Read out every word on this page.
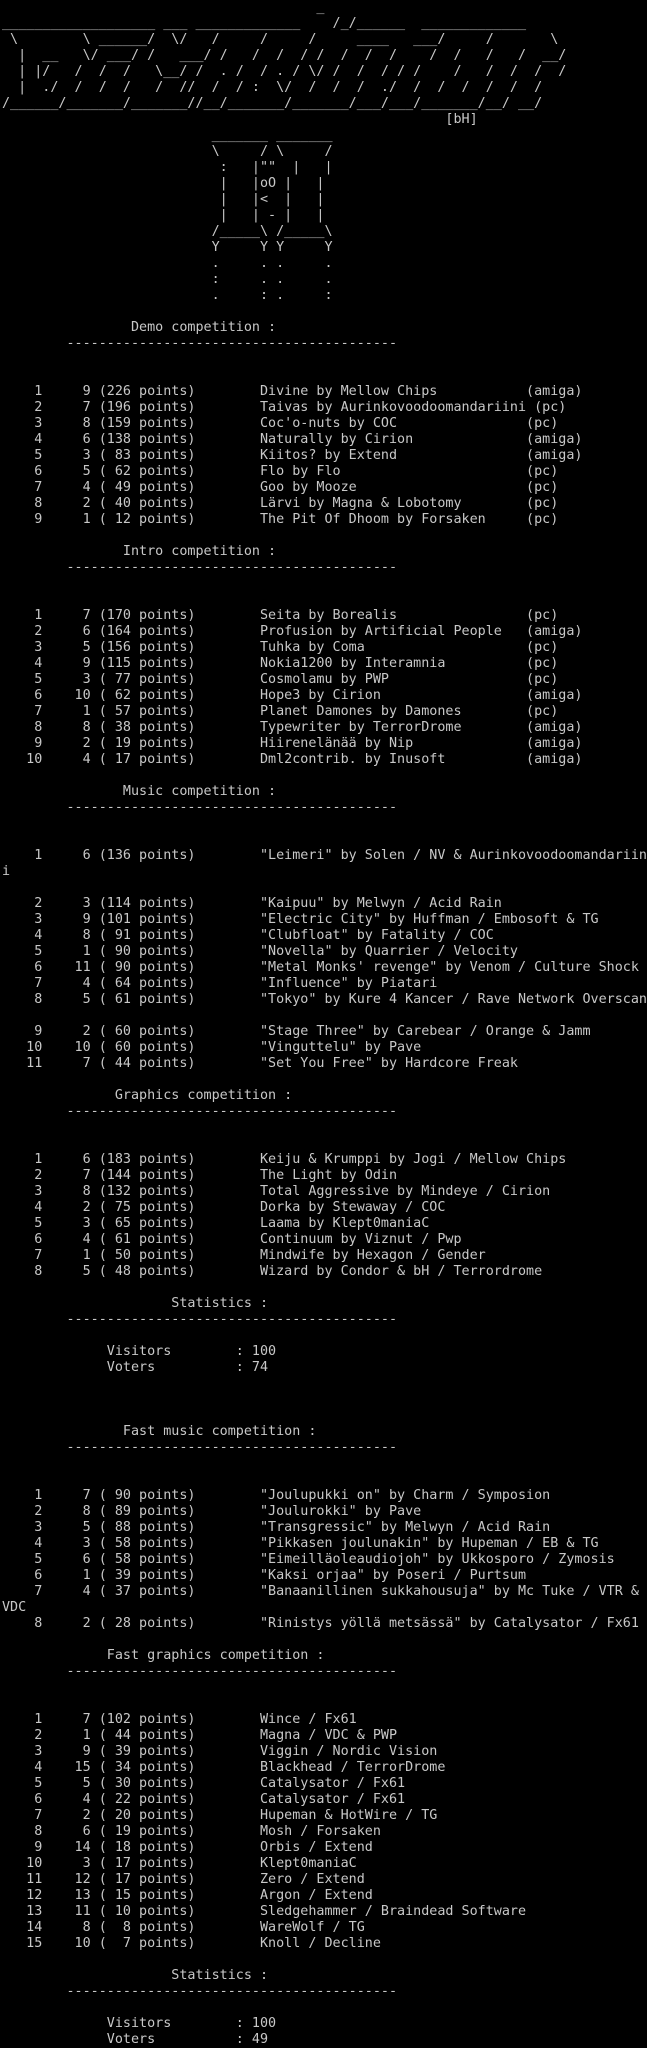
_
___________________ ___ _____________    /_/______  _____________
\        \ ______/  \/   /     /     /     ____   ___/     /       \
|  __   \/ ___/ /   ___/ /   /  /  / /  /  /  /    /  /   /   /  __/
| |/   /  /  /   \__/ /  . /  / . / \/ /  /  / / /    /   /  /  /  /
|  ./  /  /  /   /  //  /  / :  \/  /  /  /  ./  /  /  /  /  /  /
/______/_______/_______//__/_______/_______/___/___/_______/__/ __/
[bH]
_______ _______
\     / \     /
:   |""  |   |
|   |oO |   |
|   |<  |   |
|   | - |   |
/_____\ /_____\
Y     Y Y     Y
.     . .     .
:     . .     .
.     : .     :
Demo competition :
-----------------------------------------
1     9 (226 points)        Divine by Mellow Chips           (amiga)
2     7 (196 points)        Taivas by Aurinkovoodoomandariini (pc)
3     8 (159 points)        Coc'o-nuts by COC                (pc)
4     6 (138 points)        Naturally by Cirion              (amiga)
5     3 ( 83 points)        Kiitos? by Extend                (amiga)
6     5 ( 62 points)        Flo by Flo                       (pc)
7     4 ( 49 points)        Goo by Mooze                     (pc)
8     2 ( 40 points)        Lärvi by Magna & Lobotomy        (pc)
9     1 ( 12 points)        The Pit Of Dhoom by Forsaken     (pc)
Intro competition :
-----------------------------------------
1     7 (170 points)        Seita by Borealis                (pc)
2     6 (164 points)        Profusion by Artificial People   (amiga)
3     5 (156 points)        Tuhka by Coma                    (pc)
4     9 (115 points)        Nokia1200 by Interamnia          (pc)
5     3 ( 77 points)        Cosmolamu by PWP                 (pc)
6    10 ( 62 points)        Hope3 by Cirion                  (amiga)
7     1 ( 57 points)        Planet Damones by Damones        (pc)
8     8 ( 38 points)        Typewriter by TerrorDrome        (amiga)
9     2 ( 19 points)        Hiirenelänää by Nip              (amiga)
10     4 ( 17 points)        Dml2contrib. by Inusoft          (amiga)
Music competition :
-----------------------------------------
1     6 (136 points)        "Leimeri" by Solen / NV & Aurinkovoodoomandariin
i
2     3 (114 points)        "Kaipuu" by Melwyn / Acid Rain
3     9 (101 points)        "Electric City" by Huffman / Embosoft & TG
4     8 ( 91 points)        "Clubfloat" by Fatality / COC
5     1 ( 90 points)        "Novella" by Quarrier / Velocity
6    11 ( 90 points)        "Metal Monks' revenge" by Venom / Culture Shock
7     4 ( 64 points)        "Influence" by Piatari
8     5 ( 61 points)        "Tokyo" by Kure 4 Kancer / Rave Network Overscan
9     2 ( 60 points)        "Stage Three" by Carebear / Orange & Jamm
10    10 ( 60 points)        "Vinguttelu" by Pave
11     7 ( 44 points)        "Set You Free" by Hardcore Freak
Graphics competition :
-----------------------------------------
1     6 (183 points)        Keiju & Krumppi by Jogi / Mellow Chips
2     7 (144 points)        The Light by Odin
3     8 (132 points)        Total Aggressive by Mindeye / Cirion
4     2 ( 75 points)        Dorka by Stewaway / COC
5     3 ( 65 points)        Laama by Klept0maniaC
6     4 ( 61 points)        Continuum by Viznut / Pwp
7     1 ( 50 points)        Mindwife by Hexagon / Gender
8     5 ( 48 points)        Wizard by Condor & bH / Terrordrome
Statistics :
-----------------------------------------
Visitors        : 100
Voters          : 74
Fast music competition :
-----------------------------------------
1     7 ( 90 points)        "Joulupukki on" by Charm / Symposion
2     8 ( 89 points)        "Joulurokki" by Pave
3     5 ( 88 points)        "Transgressic" by Melwyn / Acid Rain
4     3 ( 58 points)        "Pikkasen joulunakin" by Hupeman / EB & TG
5     6 ( 58 points)        "Eimeilläoleaudiojoh" by Ukkosporo / Zymosis
6     1 ( 39 points)        "Kaksi orjaa" by Poseri / Purtsum
7     4 ( 37 points)        "Banaanillinen sukkahousuja" by Mc Tuke / VTR &
VDC
8     2 ( 28 points)        "Rinistys yöllä metsässä" by Catalysator / Fx61
Fast graphics competition :
-----------------------------------------
1     7 (102 points)        Wince / Fx61
2     1 ( 44 points)        Magna / VDC & PWP
3     9 ( 39 points)        Viggin / Nordic Vision
4    15 ( 34 points)        Blackhead / TerrorDrome
5     5 ( 30 points)        Catalysator / Fx61
6     4 ( 22 points)        Catalysator / Fx61
7     2 ( 20 points)        Hupeman & HotWire / TG
8     6 ( 19 points)        Mosh / Forsaken
9    14 ( 18 points)        Orbis / Extend
10     3 ( 17 points)        Klept0maniaC
11    12 ( 17 points)        Zero / Extend
12    13 ( 15 points)        Argon / Extend
13    11 ( 10 points)        Sledgehammer / Braindead Software
14     8 (  8 points)        WareWolf / TG
15    10 (  7 points)        Knoll / Decline
Statistics :
-----------------------------------------
Visitors        : 100
Voters          : 49
